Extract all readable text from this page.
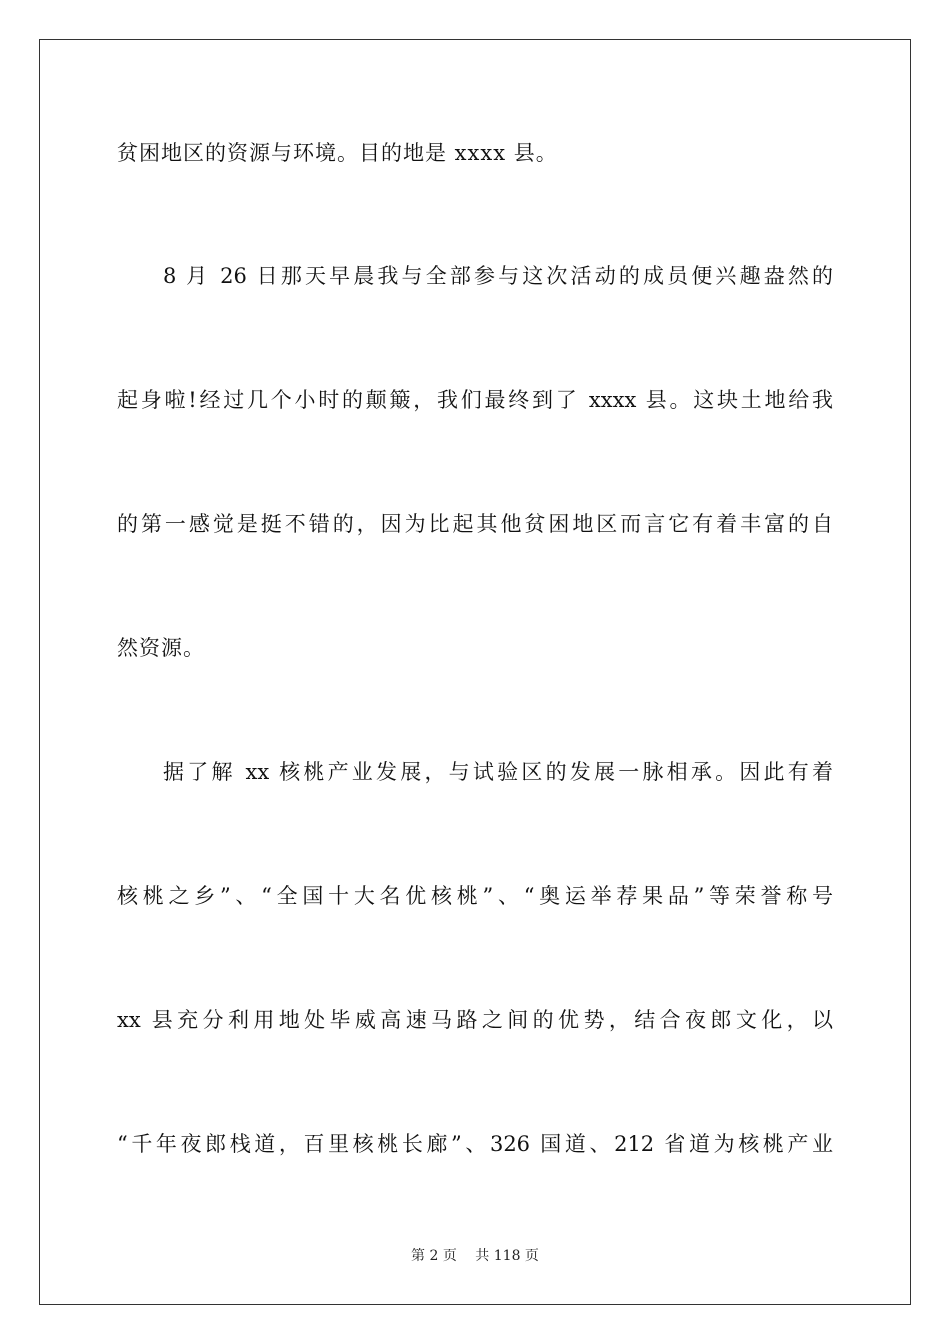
贫困地区的资源与环境。目的地是 xxxx 县。
8 月 26 日那天早晨我与全部参与这次活动的成员便兴趣盎然的
起身啦!经过几个小时的颠簸，我们最终到了 xxxx 县。这块土地给我
的第一感觉是挺不错的，因为比起其他贫困地区而言它有着丰富的自
然资源。
据了解 xx 核桃产业发展，与试验区的发展一脉相承。因此有着
核桃之乡”、“全国十大名优核桃”、“奥运举荐果品”等荣誉称号
xx 县充分利用地处毕威高速马路之间的优势，结合夜郎文化，以
“千年夜郎栈道，百里核桃长廊”、326 国道、212 省道为核桃产业
第 2 页　 共 118 页
